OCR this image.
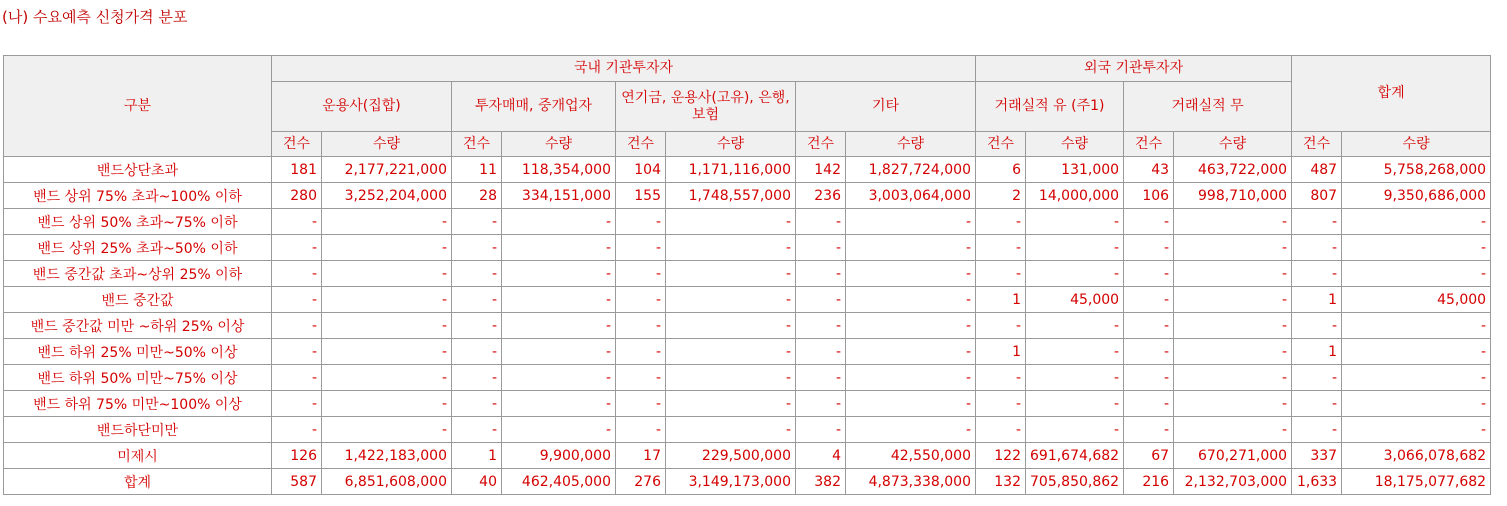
(나) 수요예측 신청가격 분포
구분	국내 기관투자자								외국 기관투자자				합계	
	운용사(집합)		투자매매, 중개업자		연기금, 운용사(고유), 은행, 보험		기타		거래실적 유 (주1)		거래실적 무			
	건수	수량	건수	수량	건수	수량	건수	수량	건수	수량	건수	수량	건수	수량
밴드상단초과	181	2,177,221,000	11	118,354,000	104	1,171,116,000	142	1,827,724,000	6	131,000	43	463,722,000	487	5,758,268,000
밴드 상위 75% 초과~100% 이하	280	3,252,204,000	28	334,151,000	155	1,748,557,000	236	3,003,064,000	2	14,000,000	106	998,710,000	807	9,350,686,000
밴드 상위 50% 초과~75% 이하	-	-	-	-	-	-	-	-	-	-	-	-	-	-
밴드 상위 25% 초과~50% 이하	-	-	-	-	-	-	-	-	-	-	-	-	-	-
밴드 중간값 초과~상위 25% 이하	-	-	-	-	-	-	-	-	-	-	-	-	-	-
밴드 중간값	-	-	-	-	-	-	-	-	1	45,000	-	-	1	45,000
밴드 중간값 미만 ~하위 25% 이상	-	-	-	-	-	-	-	-	-	-	-	-	-	-
밴드 하위 25% 미만~50% 이상	-	-	-	-	-	-	-	-	1	-	-	-	1	-
밴드 하위 50% 미만~75% 이상	-	-	-	-	-	-	-	-	-	-	-	-	-	-
밴드 하위 75% 미만~100% 이상	-	-	-	-	-	-	-	-	-	-	-	-	-	-
밴드하단미만	-	-	-	-	-	-	-	-	-	-	-	-	-	-
미제시	126	1,422,183,000	1	9,900,000	17	229,500,000	4	42,550,000	122	691,674,682	67	670,271,000	337	3,066,078,682
합계	587	6,851,608,000	40	462,405,000	276	3,149,173,000	382	4,873,338,000	132	705,850,862	216	2,132,703,000	1,633	18,175,077,682
